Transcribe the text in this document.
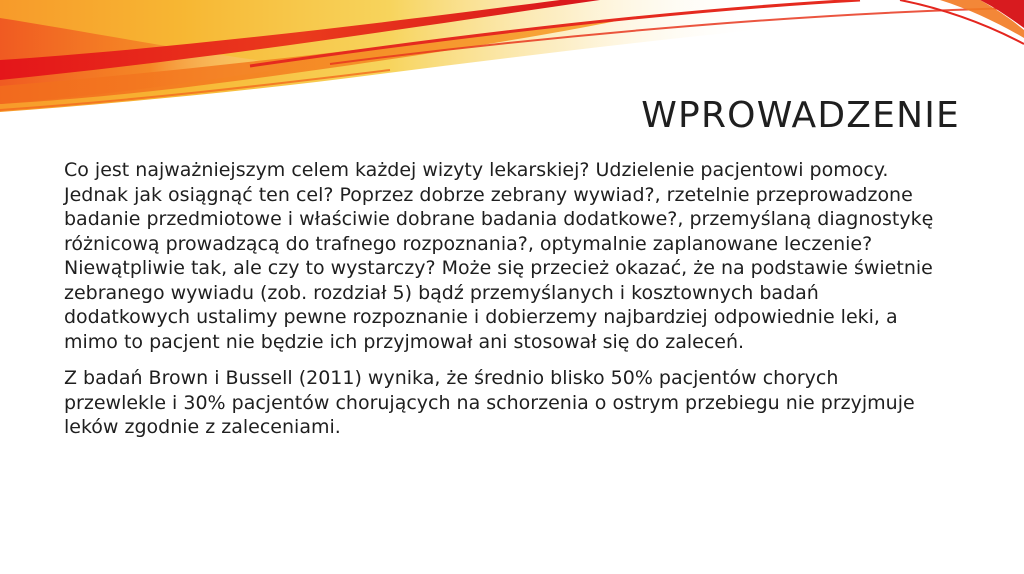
WPROWADZENIE

Co jest najważniejszym celem każdej wizyty lekarskiej? Udzielenie pacjentowi pomocy. Jednak jak osiągnąć ten cel? Poprzez dobrze zebrany wywiad?, rzetelnie przeprowadzone badanie przedmiotowe i właściwie dobrane badania dodatkowe?, przemyślaną diagnostykę różnicową prowadzącą do trafnego rozpoznania?, optymalnie zaplanowane leczenie? Niewątpliwie tak, ale czy to wystarczy? Może się przecież okazać, że na podstawie świetnie zebranego wywiadu (zob. rozdział 5) bądź przemyślanych i kosztownych badań dodatkowych ustalimy pewne rozpoznanie i dobierzemy najbardziej odpowiednie leki, a mimo to pacjent nie będzie ich przyjmował ani stosował się do zaleceń.

Z badań Brown i Bussell (2011) wynika, że średnio blisko 50% pacjentów chorych przewlekle i 30% pacjentów chorujących na schorzenia o ostrym przebiegu nie przyjmuje leków zgodnie z zaleceniami.
